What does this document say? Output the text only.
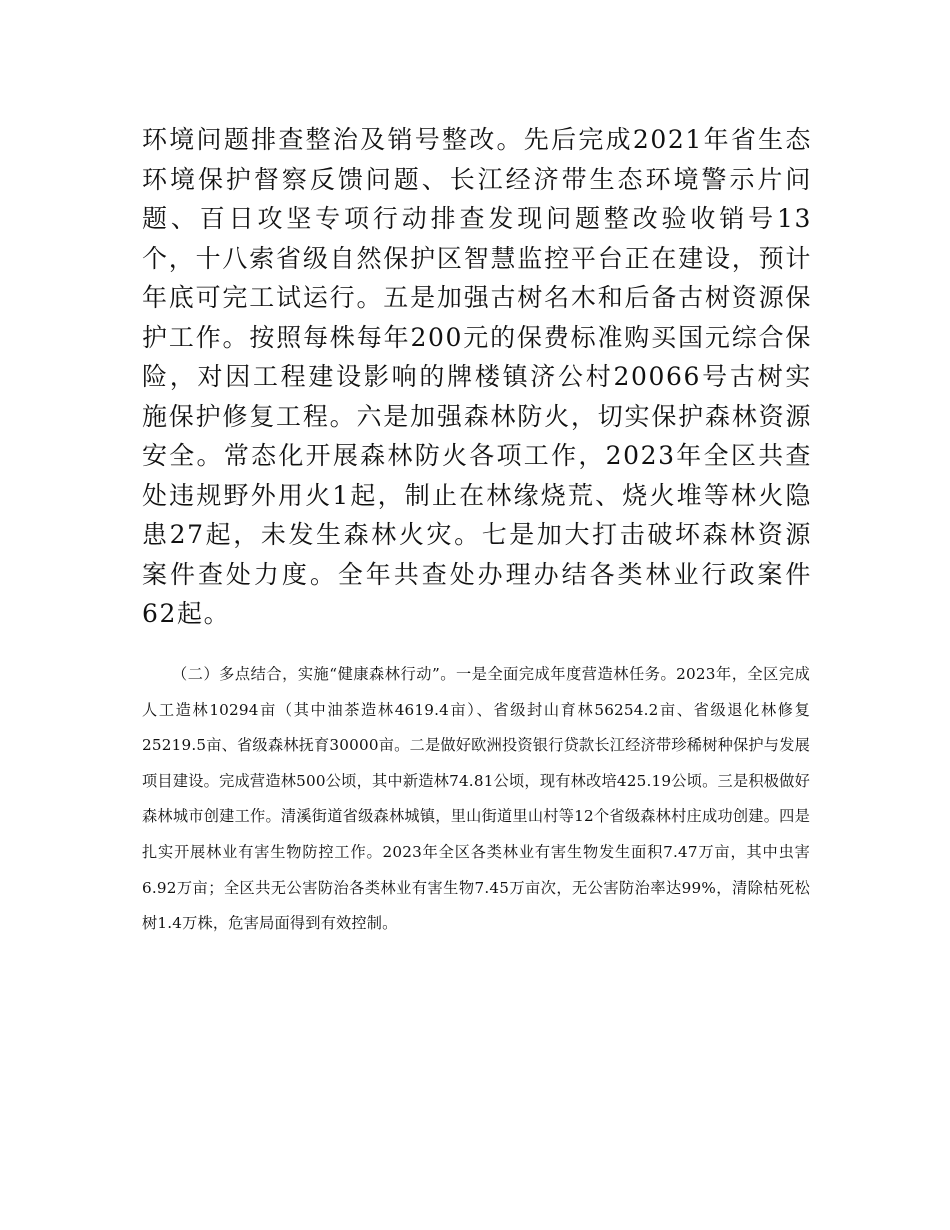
环境问题排查整治及销号整改。先后完成2021年省生态环境保护督察反馈问题、长江经济带生态环境警示片问题、百日攻坚专项行动排查发现问题整改验收销号13个，十八索省级自然保护区智慧监控平台正在建设，预计年底可完工试运行。五是加强古树名木和后备古树资源保护工作。按照每株每年200元的保费标准购买国元综合保险，对因工程建设影响的牌楼镇济公村20066号古树实施保护修复工程。六是加强森林防火，切实保护森林资源安全。常态化开展森林防火各项工作，2023年全区共查处违规野外用火1起，制止在林缘烧荒、烧火堆等林火隐患27起，未发生森林火灾。七是加大打击破坏森林资源案件查处力度。全年共查处办理办结各类林业行政案件62起。

（二）多点结合，实施“健康森林行动”。一是全面完成年度营造林任务。2023年，全区完成人工造林10294亩（其中油茶造林4619.4亩）、省级封山育林56254.2亩、省级退化林修复25219.5亩、省级森林抚育30000亩。二是做好欧洲投资银行贷款长江经济带珍稀树种保护与发展项目建设。完成营造林500公顷，其中新造林74.81公顷，现有林改培425.19公顷。三是积极做好森林城市创建工作。清溪街道省级森林城镇，里山街道里山村等12个省级森林村庄成功创建。四是扎实开展林业有害生物防控工作。2023年全区各类林业有害生物发生面积7.47万亩，其中虫害6.92万亩；全区共无公害防治各类林业有害生物7.45万亩次，无公害防治率达99%，清除枯死松树1.4万株，危害局面得到有效控制。
